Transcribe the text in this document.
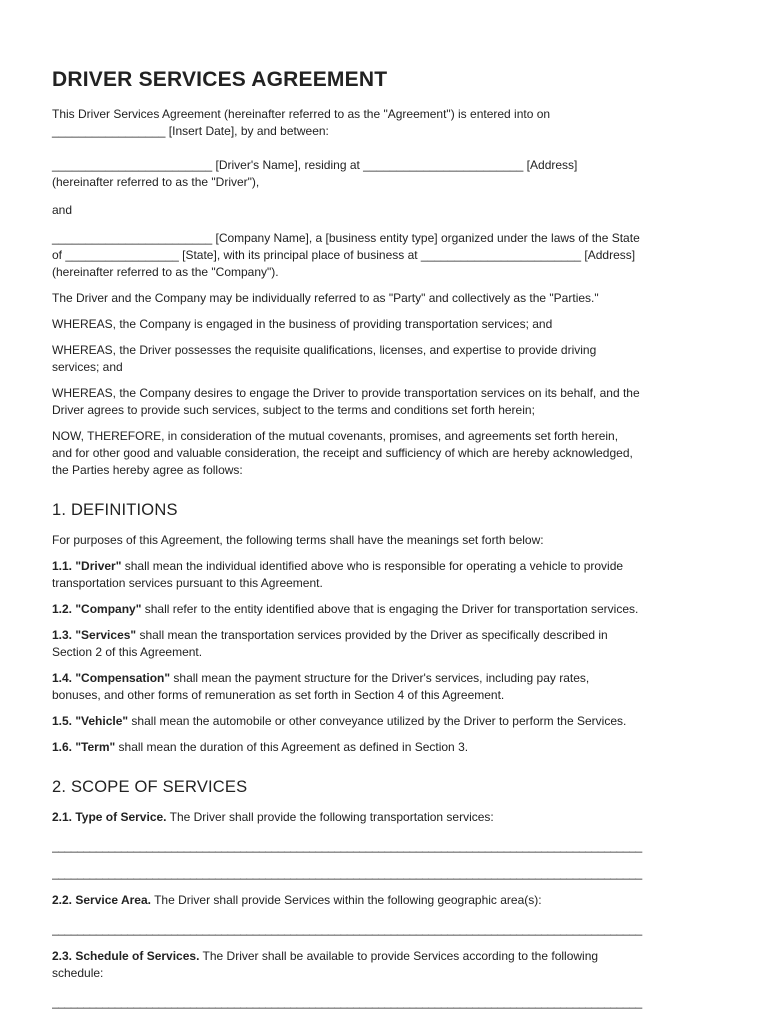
DRIVER SERVICES AGREEMENT

This Driver Services Agreement (hereinafter referred to as the "Agreement") is entered into on
_________________ [Insert Date], by and between:

________________________ [Driver's Name], residing at ________________________ [Address]
(hereinafter referred to as the "Driver"),

and

________________________ [Company Name], a [business entity type] organized under the laws of the State
of _________________ [State], with its principal place of business at ________________________ [Address]
(hereinafter referred to as the "Company").

The Driver and the Company may be individually referred to as "Party" and collectively as the "Parties."

WHEREAS, the Company is engaged in the business of providing transportation services; and

WHEREAS, the Driver possesses the requisite qualifications, licenses, and expertise to provide driving
services; and

WHEREAS, the Company desires to engage the Driver to provide transportation services on its behalf, and the
Driver agrees to provide such services, subject to the terms and conditions set forth herein;

NOW, THEREFORE, in consideration of the mutual covenants, promises, and agreements set forth herein,
and for other good and valuable consideration, the receipt and sufficiency of which are hereby acknowledged,
the Parties hereby agree as follows:

1. DEFINITIONS

For purposes of this Agreement, the following terms shall have the meanings set forth below:

1.1. "Driver" shall mean the individual identified above who is responsible for operating a vehicle to provide
transportation services pursuant to this Agreement.

1.2. "Company" shall refer to the entity identified above that is engaging the Driver for transportation services.

1.3. "Services" shall mean the transportation services provided by the Driver as specifically described in
Section 2 of this Agreement.

1.4. "Compensation" shall mean the payment structure for the Driver's services, including pay rates,
bonuses, and other forms of remuneration as set forth in Section 4 of this Agreement.

1.5. "Vehicle" shall mean the automobile or other conveyance utilized by the Driver to perform the Services.

1.6. "Term" shall mean the duration of this Agreement as defined in Section 3.

2. SCOPE OF SERVICES

2.1. Type of Service. The Driver shall provide the following transportation services:

______________________________________________________________________________________________
______________________________________________________________________________________________

2.2. Service Area. The Driver shall provide Services within the following geographic area(s):

______________________________________________________________________________________________

2.3. Schedule of Services. The Driver shall be available to provide Services according to the following
schedule:

______________________________________________________________________________________________
